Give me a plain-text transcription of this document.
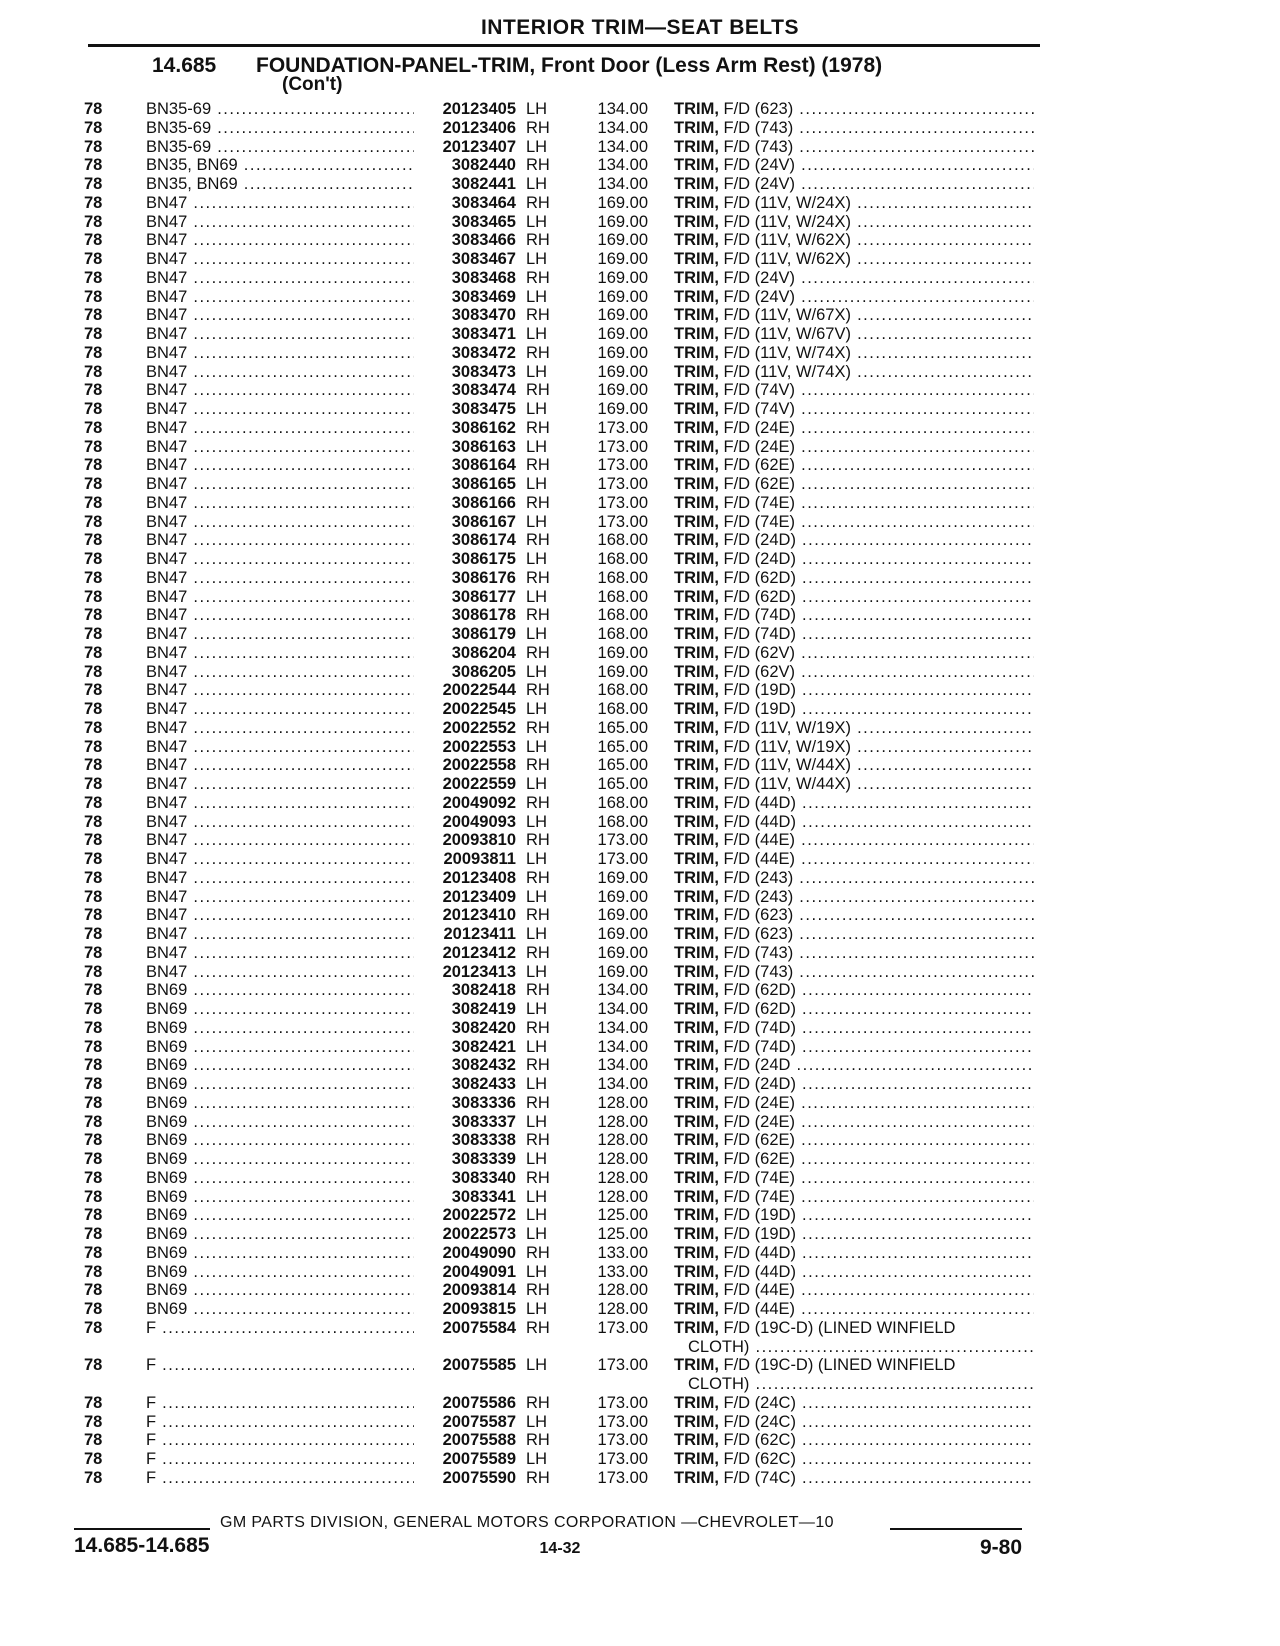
INTERIOR TRIM—SEAT BELTS
14.685 FOUNDATION-PANEL-TRIM, Front Door (Less Arm Rest) (1978)
(Con't)
78	BN35-69 .....	20123405 LH	134.00 TRIM, F/D (623) .....
78	BN35-69 .....	20123406 RH	134.00 TRIM, F/D (743) .....
78	BN35-69 .....	20123407 LH	134.00 TRIM, F/D (743) .....
78	BN35, BN69 .....	3082440 RH	134.00 TRIM, F/D (24V) .....
78	BN35, BN69 .....	3082441 LH	134.00 TRIM, F/D (24V) .....
78	BN47 .....	3083464 RH	169.00 TRIM, F/D (11V, W/24X) .....
78	BN47 .....	3083465 LH	169.00 TRIM, F/D (11V, W/24X) .....
78	BN47 .....	3083466 RH	169.00 TRIM, F/D (11V, W/62X) .....
78	BN47 .....	3083467 LH	169.00 TRIM, F/D (11V, W/62X) .....
78	BN47 .....	3083468 RH	169.00 TRIM, F/D (24V) .....
78	BN47 .....	3083469 LH	169.00 TRIM, F/D (24V) .....
78	BN47 .....	3083470 RH	169.00 TRIM, F/D (11V, W/67X) .....
78	BN47 .....	3083471 LH	169.00 TRIM, F/D (11V, W/67V) .....
78	BN47 .....	3083472 RH	169.00 TRIM, F/D (11V, W/74X) .....
78	BN47 .....	3083473 LH	169.00 TRIM, F/D (11V, W/74X) .....
78	BN47 .....	3083474 RH	169.00 TRIM, F/D (74V) .....
78	BN47 .....	3083475 LH	169.00 TRIM, F/D (74V) .....
78	BN47 .....	3086162 RH	173.00 TRIM, F/D (24E) .....
78	BN47 .....	3086163 LH	173.00 TRIM, F/D (24E) .....
78	BN47 .....	3086164 RH	173.00 TRIM, F/D (62E) .....
78	BN47 .....	3086165 LH	173.00 TRIM, F/D (62E) .....
78	BN47 .....	3086166 RH	173.00 TRIM, F/D (74E) .....
78	BN47 .....	3086167 LH	173.00 TRIM, F/D (74E) .....
78	BN47 .....	3086174 RH	168.00 TRIM, F/D (24D) .....
78	BN47 .....	3086175 LH	168.00 TRIM, F/D (24D) .....
78	BN47 .....	3086176 RH	168.00 TRIM, F/D (62D) .....
78	BN47 .....	3086177 LH	168.00 TRIM, F/D (62D) .....
78	BN47 .....	3086178 RH	168.00 TRIM, F/D (74D) .....
78	BN47 .....	3086179 LH	168.00 TRIM, F/D (74D) .....
78	BN47 .....	3086204 RH	169.00 TRIM, F/D (62V) .....
78	BN47 .....	3086205 LH	169.00 TRIM, F/D (62V) .....
78	BN47 .....	20022544 RH	168.00 TRIM, F/D (19D) .....
78	BN47 .....	20022545 LH	168.00 TRIM, F/D (19D) .....
78	BN47 .....	20022552 RH	165.00 TRIM, F/D (11V, W/19X) .....
78	BN47 .....	20022553 LH	165.00 TRIM, F/D (11V, W/19X) .....
78	BN47 .....	20022558 RH	165.00 TRIM, F/D (11V, W/44X) .....
78	BN47 .....	20022559 LH	165.00 TRIM, F/D (11V, W/44X) .....
78	BN47 .....	20049092 RH	168.00 TRIM, F/D (44D) .....
78	BN47 .....	20049093 LH	168.00 TRIM, F/D (44D) .....
78	BN47 .....	20093810 RH	173.00 TRIM, F/D (44E) .....
78	BN47 .....	20093811 LH	173.00 TRIM, F/D (44E) .....
78	BN47 .....	20123408 RH	169.00 TRIM, F/D (243) .....
78	BN47 .....	20123409 LH	169.00 TRIM, F/D (243) .....
78	BN47 .....	20123410 RH	169.00 TRIM, F/D (623) .....
78	BN47 .....	20123411 LH	169.00 TRIM, F/D (623) .....
78	BN47 .....	20123412 RH	169.00 TRIM, F/D (743) .....
78	BN47 .....	20123413 LH	169.00 TRIM, F/D (743) .....
78	BN69 .....	3082418 RH	134.00 TRIM, F/D (62D) .....
78	BN69 .....	3082419 LH	134.00 TRIM, F/D (62D) .....
78	BN69 .....	3082420 RH	134.00 TRIM, F/D (74D) .....
78	BN69 .....	3082421 LH	134.00 TRIM, F/D (74D) .....
78	BN69 .....	3082432 RH	134.00 TRIM, F/D (24D .....
78	BN69 .....	3082433 LH	134.00 TRIM, F/D (24D) .....
78	BN69 .....	3083336 RH	128.00 TRIM, F/D (24E) .....
78	BN69 .....	3083337 LH	128.00 TRIM, F/D (24E) .....
78	BN69 .....	3083338 RH	128.00 TRIM, F/D (62E) .....
78	BN69 .....	3083339 LH	128.00 TRIM, F/D (62E) .....
78	BN69 .....	3083340 RH	128.00 TRIM, F/D (74E) .....
78	BN69 .....	3083341 LH	128.00 TRIM, F/D (74E) .....
78	BN69 .....	20022572 LH	125.00 TRIM, F/D (19D) .....
78	BN69 .....	20022573 LH	125.00 TRIM, F/D (19D) .....
78	BN69 .....	20049090 RH	133.00 TRIM, F/D (44D) .....
78	BN69 .....	20049091 LH	133.00 TRIM, F/D (44D) .....
78	BN69 .....	20093814 RH	128.00 TRIM, F/D (44E) .....
78	BN69 .....	20093815 LH	128.00 TRIM, F/D (44E) .....
78	F .....	20075584 RH	173.00 TRIM, F/D (19C-D) (LINED WINFIELD
CLOTH) .....
78	F .....	20075585 LH	173.00 TRIM, F/D (19C-D) (LINED WINFIELD
CLOTH) .....
78	F .....	20075586 RH	173.00 TRIM, F/D (24C) .....
78	F .....	20075587 LH	173.00 TRIM, F/D (24C) .....
78	F .....	20075588 RH	173.00 TRIM, F/D (62C) .....
78	F .....	20075589 LH	173.00 TRIM, F/D (62C) .....
78	F .....	20075590 RH	173.00 TRIM, F/D (74C) .....
GM PARTS DIVISION, GENERAL MOTORS CORPORATION —CHEVROLET—10
14.685-14.685	14-32	9-80
